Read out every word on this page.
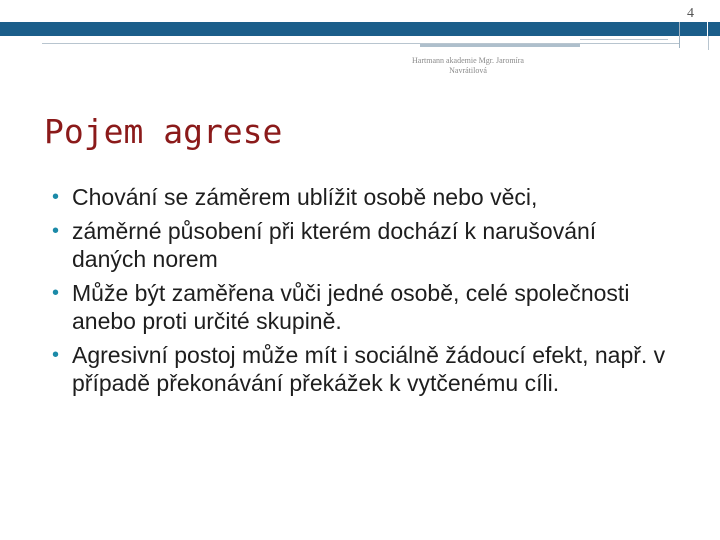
4
Hartmann akademie Mgr. Jaromíra Navrátilová
Pojem agrese
• Chování se záměrem ublížit osobě nebo věci,
• záměrné působení při kterém dochází k narušování daných norem
• Může být zaměřena vůči jedné osobě, celé společnosti anebo proti určité skupině.
• Agresivní postoj může mít i sociálně žádoucí efekt, např. v případě překonávání překážek k vytčenému cíli.
